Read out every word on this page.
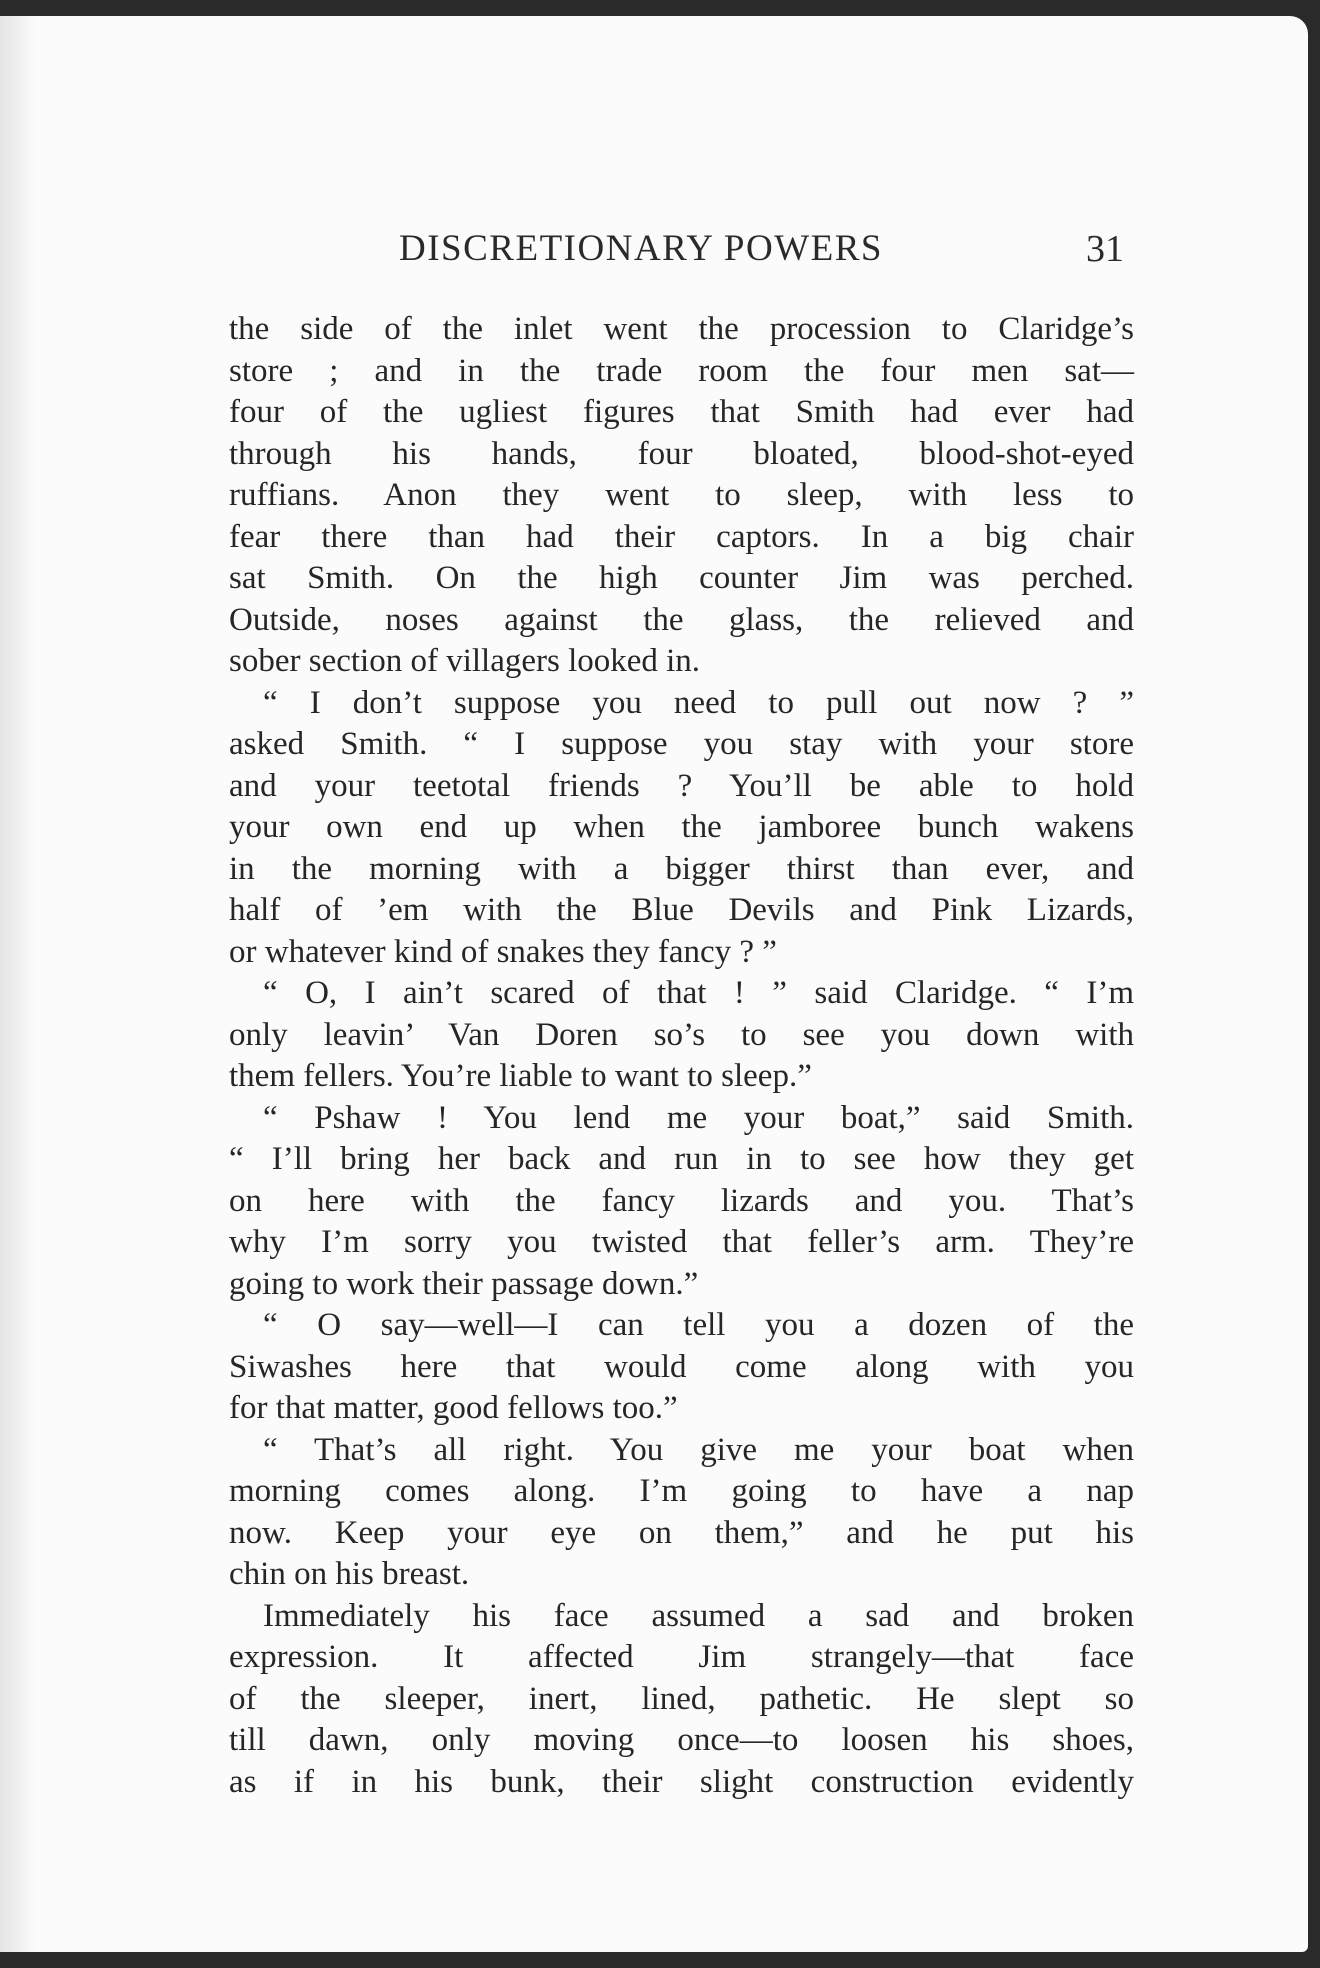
DISCRETIONARY POWERS	31
the side of the inlet went the procession to Claridge’s
store ; and in the trade room the four men sat—
four of the ugliest figures that Smith had ever had
through his hands, four bloated, blood-shot-eyed
ruffians. Anon they went to sleep, with less to
fear there than had their captors. In a big chair
sat Smith. On the high counter Jim was perched.
Outside, noses against the glass, the relieved and
sober section of villagers looked in.
“ I don’t suppose you need to pull out now ? ”
asked Smith. “ I suppose you stay with your store
and your teetotal friends ? You’ll be able to hold
your own end up when the jamboree bunch wakens
in the morning with a bigger thirst than ever, and
half of ’em with the Blue Devils and Pink Lizards,
or whatever kind of snakes they fancy ? ”
“ O, I ain’t scared of that ! ” said Claridge. “ I’m
only leavin’ Van Doren so’s to see you down with
them fellers. You’re liable to want to sleep.”
“ Pshaw ! You lend me your boat,” said Smith.
“ I’ll bring her back and run in to see how they get
on here with the fancy lizards and you. That’s
why I’m sorry you twisted that feller’s arm. They’re
going to work their passage down.”
“ O say—well—I can tell you a dozen of the
Siwashes here that would come along with you
for that matter, good fellows too.”
“ That’s all right. You give me your boat when
morning comes along. I’m going to have a nap
now. Keep your eye on them,” and he put his
chin on his breast.
Immediately his face assumed a sad and broken
expression. It affected Jim strangely—that face
of the sleeper, inert, lined, pathetic. He slept so
till dawn, only moving once—to loosen his shoes,
as if in his bunk, their slight construction evidently
